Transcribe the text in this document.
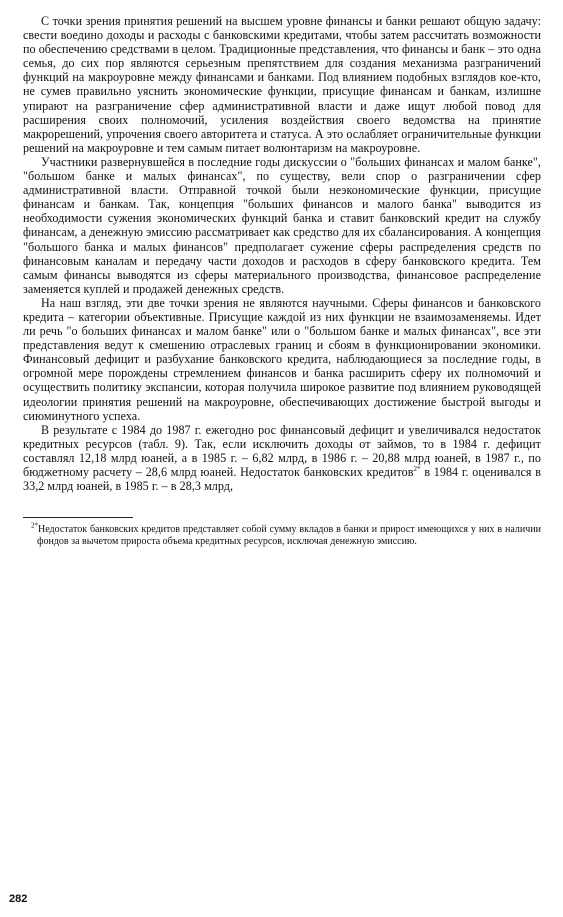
С точки зрения принятия решений на высшем уровне финансы и банки решают общую задачу: свести воедино доходы и расходы с банковскими кредитами, чтобы затем рассчитать возможности по обеспечению средствами в целом. Традиционные представления, что финансы и банк – это одна семья, до сих пор являются серьезным препятствием для создания механизма разграничений функций на макроуровне между финансами и банками. Под влиянием подобных взглядов кое-кто, не сумев правильно уяснить экономические функции, присущие финансам и банкам, излишне упирают на разграничение сфер административной власти и даже ищут любой повод для расширения своих полномочий, усиления воздействия своего ведомства на принятие макрорешений, упрочения своего авторитета и статуса. А это ослабляет ограничительные функции решений на макроуровне и тем самым питает волюнтаризм на макроуровне.

Участники развернувшейся в последние годы дискуссии о "больших финансах и малом банке", "большом банке и малых финансах", по существу, вели спор о разграничении сфер административной власти. Отправной точкой были неэкономические функции, присущие финансам и банкам. Так, концепция "больших финансов и малого банка" выводится из необходимости сужения экономических функций банка и ставит банковский кредит на службу финансам, а денежную эмиссию рассматривает как средство для их сбалансирования. А концепция "большого банка и малых финансов" предполагает сужение сферы распределения средств по финансовым каналам и передачу части доходов и расходов в сферу банковского кредита. Тем самым финансы выводятся из сферы материального производства, финансовое распределение заменяется куплей и продажей денежных средств.

На наш взгляд, эти две точки зрения не являются научными. Сферы финансов и банковского кредита – категории объективные. Присущие каждой из них функции не взаимозаменяемы. Идет ли речь "о больших финансах и малом банке" или о "большом банке и малых финансах", все эти представления ведут к смешению отраслевых границ и сбоям в функционировании экономики. Финансовый дефицит и разбухание банковского кредита, наблюдающиеся за последние годы, в огромной мере порождены стремлением финансов и банка расширить сферу их полномочий и осуществить политику экспансии, которая получила широкое развитие под влиянием руководящей идеологии принятия решений на макроуровне, обеспечивающих достижение быстрой выгоды и сиюминутного успеха.

В результате с 1984 до 1987 г. ежегодно рос финансовый дефицит и увеличивался недостаток кредитных ресурсов (табл. 9). Так, если исключить доходы от займов, то в 1984 г. дефицит составлял 12,18 млрд юаней, а в 1985 г. – 6,82 млрд, в 1986 г. – 20,88 млрд юаней, в 1987 г., по бюджетному расчету – 28,6 млрд юаней. Недостаток банковских кредитов$^{2*}$ в 1984 г. оценивался в 33,2 млрд юаней, в 1985 г. – в 28,3 млрд,

$^{2*}$Недостаток банковских кредитов представляет собой сумму вкладов в банки и прирост имеющихся у них в наличии фондов за вычетом прироста объема кредитных ресурсов, исключая денежную эмиссию.

282
